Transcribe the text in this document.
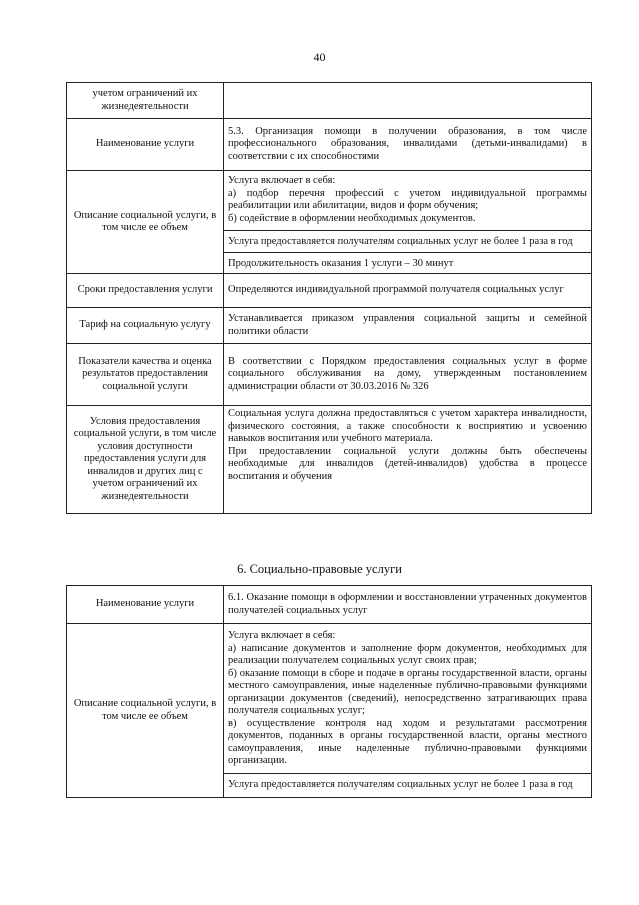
40
учетом ограничений их жизнедеятельности	
Наименование услуги	5.3. Организация помощи в получении образования, в том числе профессионального образования, инвалидами (детьми-инвалидами) в соответствии с их способностями
Описание социальной услуги, в том числе ее объем	Услуга включает в себя:
а) подбор перечня профессий с учетом индивидуальной программы реабилитации или абилитации, видов и форм обучения;
б) содействие в оформлении необходимых документов.
Услуга предоставляется получателям социальных услуг не более 1 раза в год
Продолжительность оказания 1 услуги – 30 минут

Сроки предоставления услуги	Определяются индивидуальной программой получателя социальных услуг
Тариф на социальную услугу	Устанавливается приказом управления социальной защиты и семейной политики области
Показатели качества и оценка результатов предоставления социальной услуги	В соответствии с Порядком предоставления социальных услуг в форме социального обслуживания на дому, утвержденным постановлением администрации области от 30.03.2016 № 326
Условия предоставления социальной услуги, в том числе условия доступности предоставления услуги для инвалидов и других лиц с учетом ограничений их жизнедеятельности	Социальная услуга должна предоставляться с учетом характера инвалидности, физического состояния, а также способности к восприятию и усвоению навыков воспитания или учебного материала.
При предоставлении социальной услуги должны быть обеспечены необходимые для инвалидов (детей-инвалидов) удобства в процессе воспитания и обучения
6. Социально-правовые услуги
Наименование услуги	6.1. Оказание помощи в оформлении и восстановлении утраченных документов получателей социальных услуг
Описание социальной услуги, в том числе ее объем	Услуга включает в себя:
а) написание документов и заполнение форм документов, необходимых для реализации получателем социальных услуг своих прав;
б) оказание помощи в сборе и подаче в органы государственной власти, органы местного самоуправления, иные наделенные публично-правовыми функциями организации документов (сведений), непосредственно затрагивающих права получателя социальных услуг;
в) осуществление контроля над ходом и результатами рассмотрения документов, поданных в органы государственной власти, органы местного самоуправления, иные наделенные публично-правовыми функциями организации.
Услуга предоставляется получателям социальных услуг не более 1 раза в год
